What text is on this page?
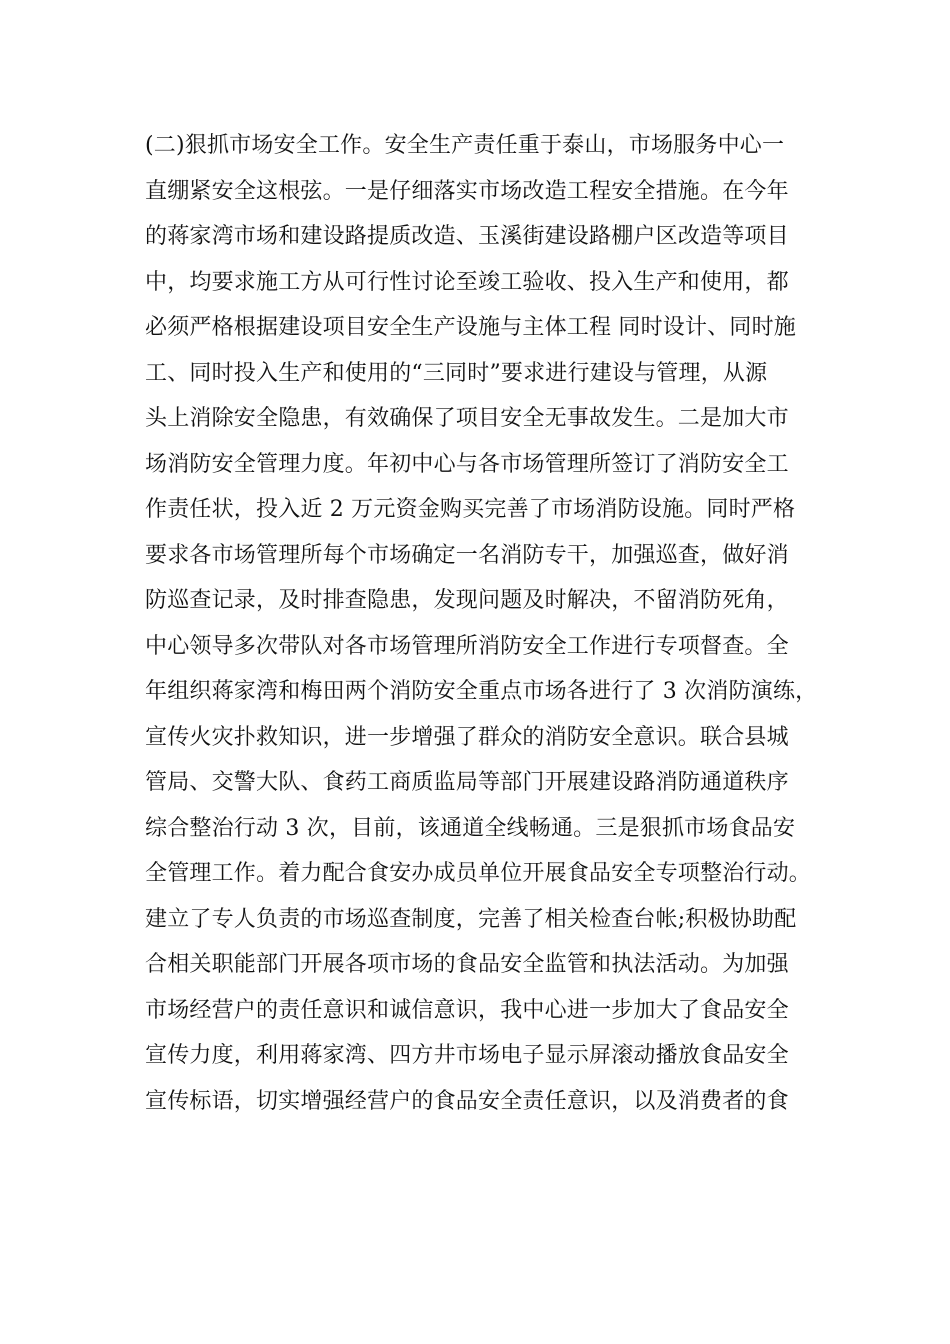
(二)狠抓市场安全工作。安全生产责任重于泰山，市场服务中心一
直绷紧安全这根弦。一是仔细落实市场改造工程安全措施。在今年
的蒋家湾市场和建设路提质改造、玉溪街建设路棚户区改造等项目
中，均要求施工方从可行性讨论至竣工验收、投入生产和使用，都
必须严格根据建设项目安全生产设施与主体工程 同时设计、同时施
工、同时投入生产和使用的“三同时”要求进行建设与管理，从源
头上消除安全隐患，有效确保了项目安全无事故发生。二是加大市
场消防安全管理力度。年初中心与各市场管理所签订了消防安全工
作责任状，投入近 2 万元资金购买完善了市场消防设施。同时严格
要求各市场管理所每个市场确定一名消防专干，加强巡查，做好消
防巡查记录，及时排查隐患，发现问题及时解决，不留消防死角，
中心领导多次带队对各市场管理所消防安全工作进行专项督查。全
年组织蒋家湾和梅田两个消防安全重点市场各进行了 3 次消防演练，
宣传火灾扑救知识，进一步增强了群众的消防安全意识。联合县城
管局、交警大队、食药工商质监局等部门开展建设路消防通道秩序
综合整治行动 3 次，目前，该通道全线畅通。三是狠抓市场食品安
全管理工作。着力配合食安办成员单位开展食品安全专项整治行动。
建立了专人负责的市场巡查制度，完善了相关检查台帐;积极协助配
合相关职能部门开展各项市场的食品安全监管和执法活动。为加强
市场经营户的责任意识和诚信意识，我中心进一步加大了食品安全
宣传力度，利用蒋家湾、四方井市场电子显示屏滚动播放食品安全
宣传标语，切实增强经营户的食品安全责任意识，以及消费者的食
